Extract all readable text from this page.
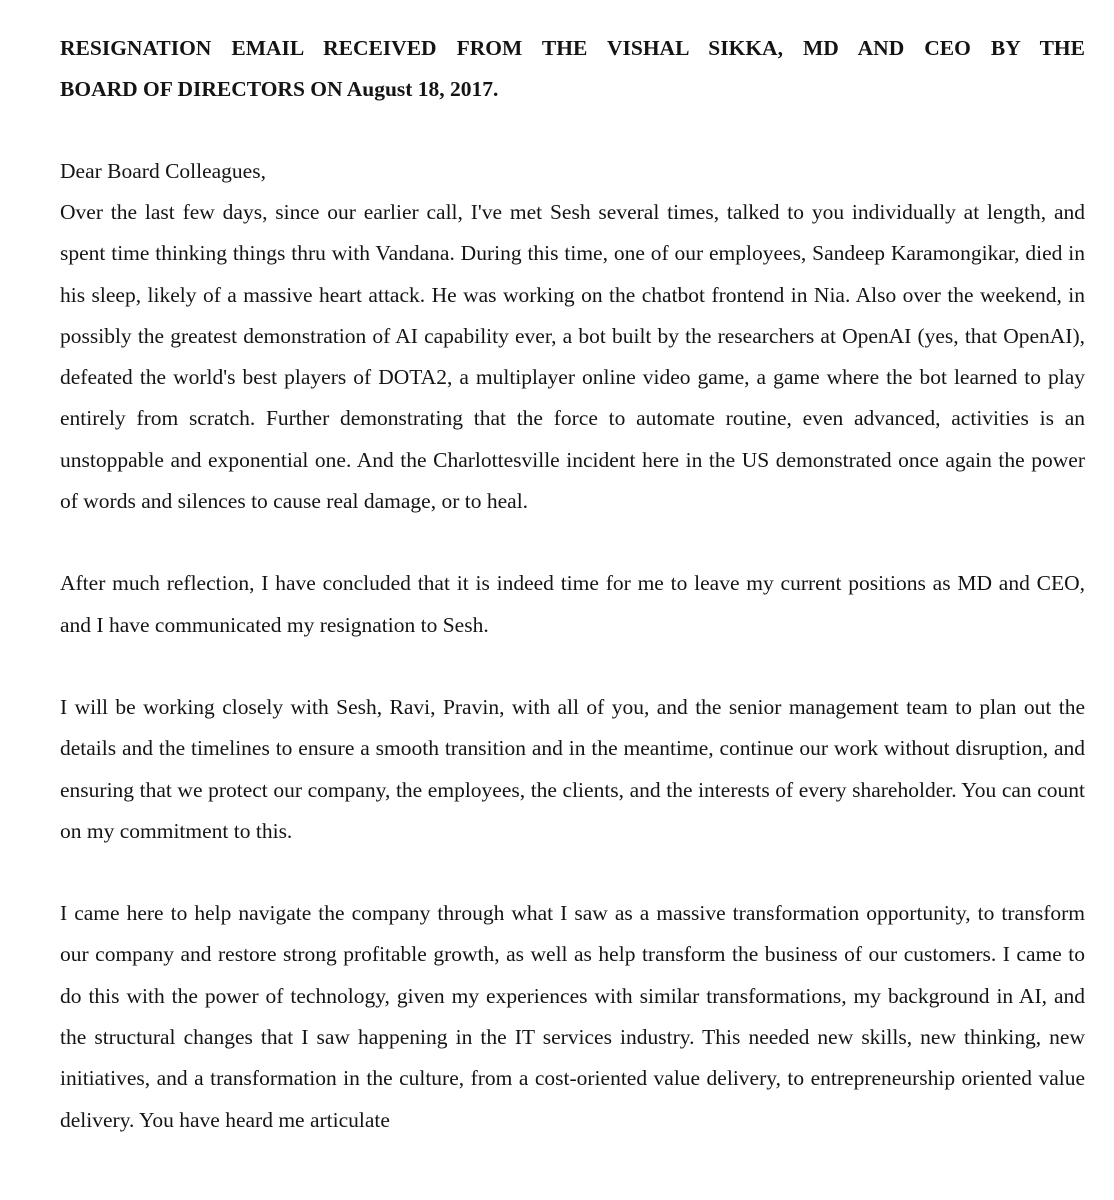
RESIGNATION EMAIL RECEIVED FROM THE VISHAL SIKKA, MD AND CEO BY THE
BOARD OF DIRECTORS ON August 18, 2017.

Dear Board Colleagues,

Over the last few days, since our earlier call, I've met Sesh several times, talked to you individually at length, and spent time thinking things thru with Vandana. During this time, one of our employees, Sandeep Karamongikar, died in his sleep, likely of a massive heart attack. He was working on the chatbot frontend in Nia. Also over the weekend, in possibly the greatest demonstration of AI capability ever, a bot built by the researchers at OpenAI (yes, that OpenAI), defeated the world's best players of DOTA2, a multiplayer online video game, a game where the bot learned to play entirely from scratch. Further demonstrating that the force to automate routine, even advanced, activities is an unstoppable and exponential one. And the Charlottesville incident here in the US demonstrated once again the power of words and silences to cause real damage, or to heal.

After much reflection, I have concluded that it is indeed time for me to leave my current positions as MD and CEO, and I have communicated my resignation to Sesh.

I will be working closely with Sesh, Ravi, Pravin, with all of you, and the senior management team to plan out the details and the timelines to ensure a smooth transition and in the meantime, continue our work without disruption, and ensuring that we protect our company, the employees, the clients, and the interests of every shareholder. You can count on my commitment to this.

I came here to help navigate the company through what I saw as a massive transformation opportunity, to transform our company and restore strong profitable growth, as well as help transform the business of our customers. I came to do this with the power of technology, given my experiences with similar transformations, my background in AI, and the structural changes that I saw happening in the IT services industry. This needed new skills, new thinking, new initiatives, and a transformation in the culture, from a cost-oriented value delivery, to entrepreneurship oriented value delivery. You have heard me articulate
